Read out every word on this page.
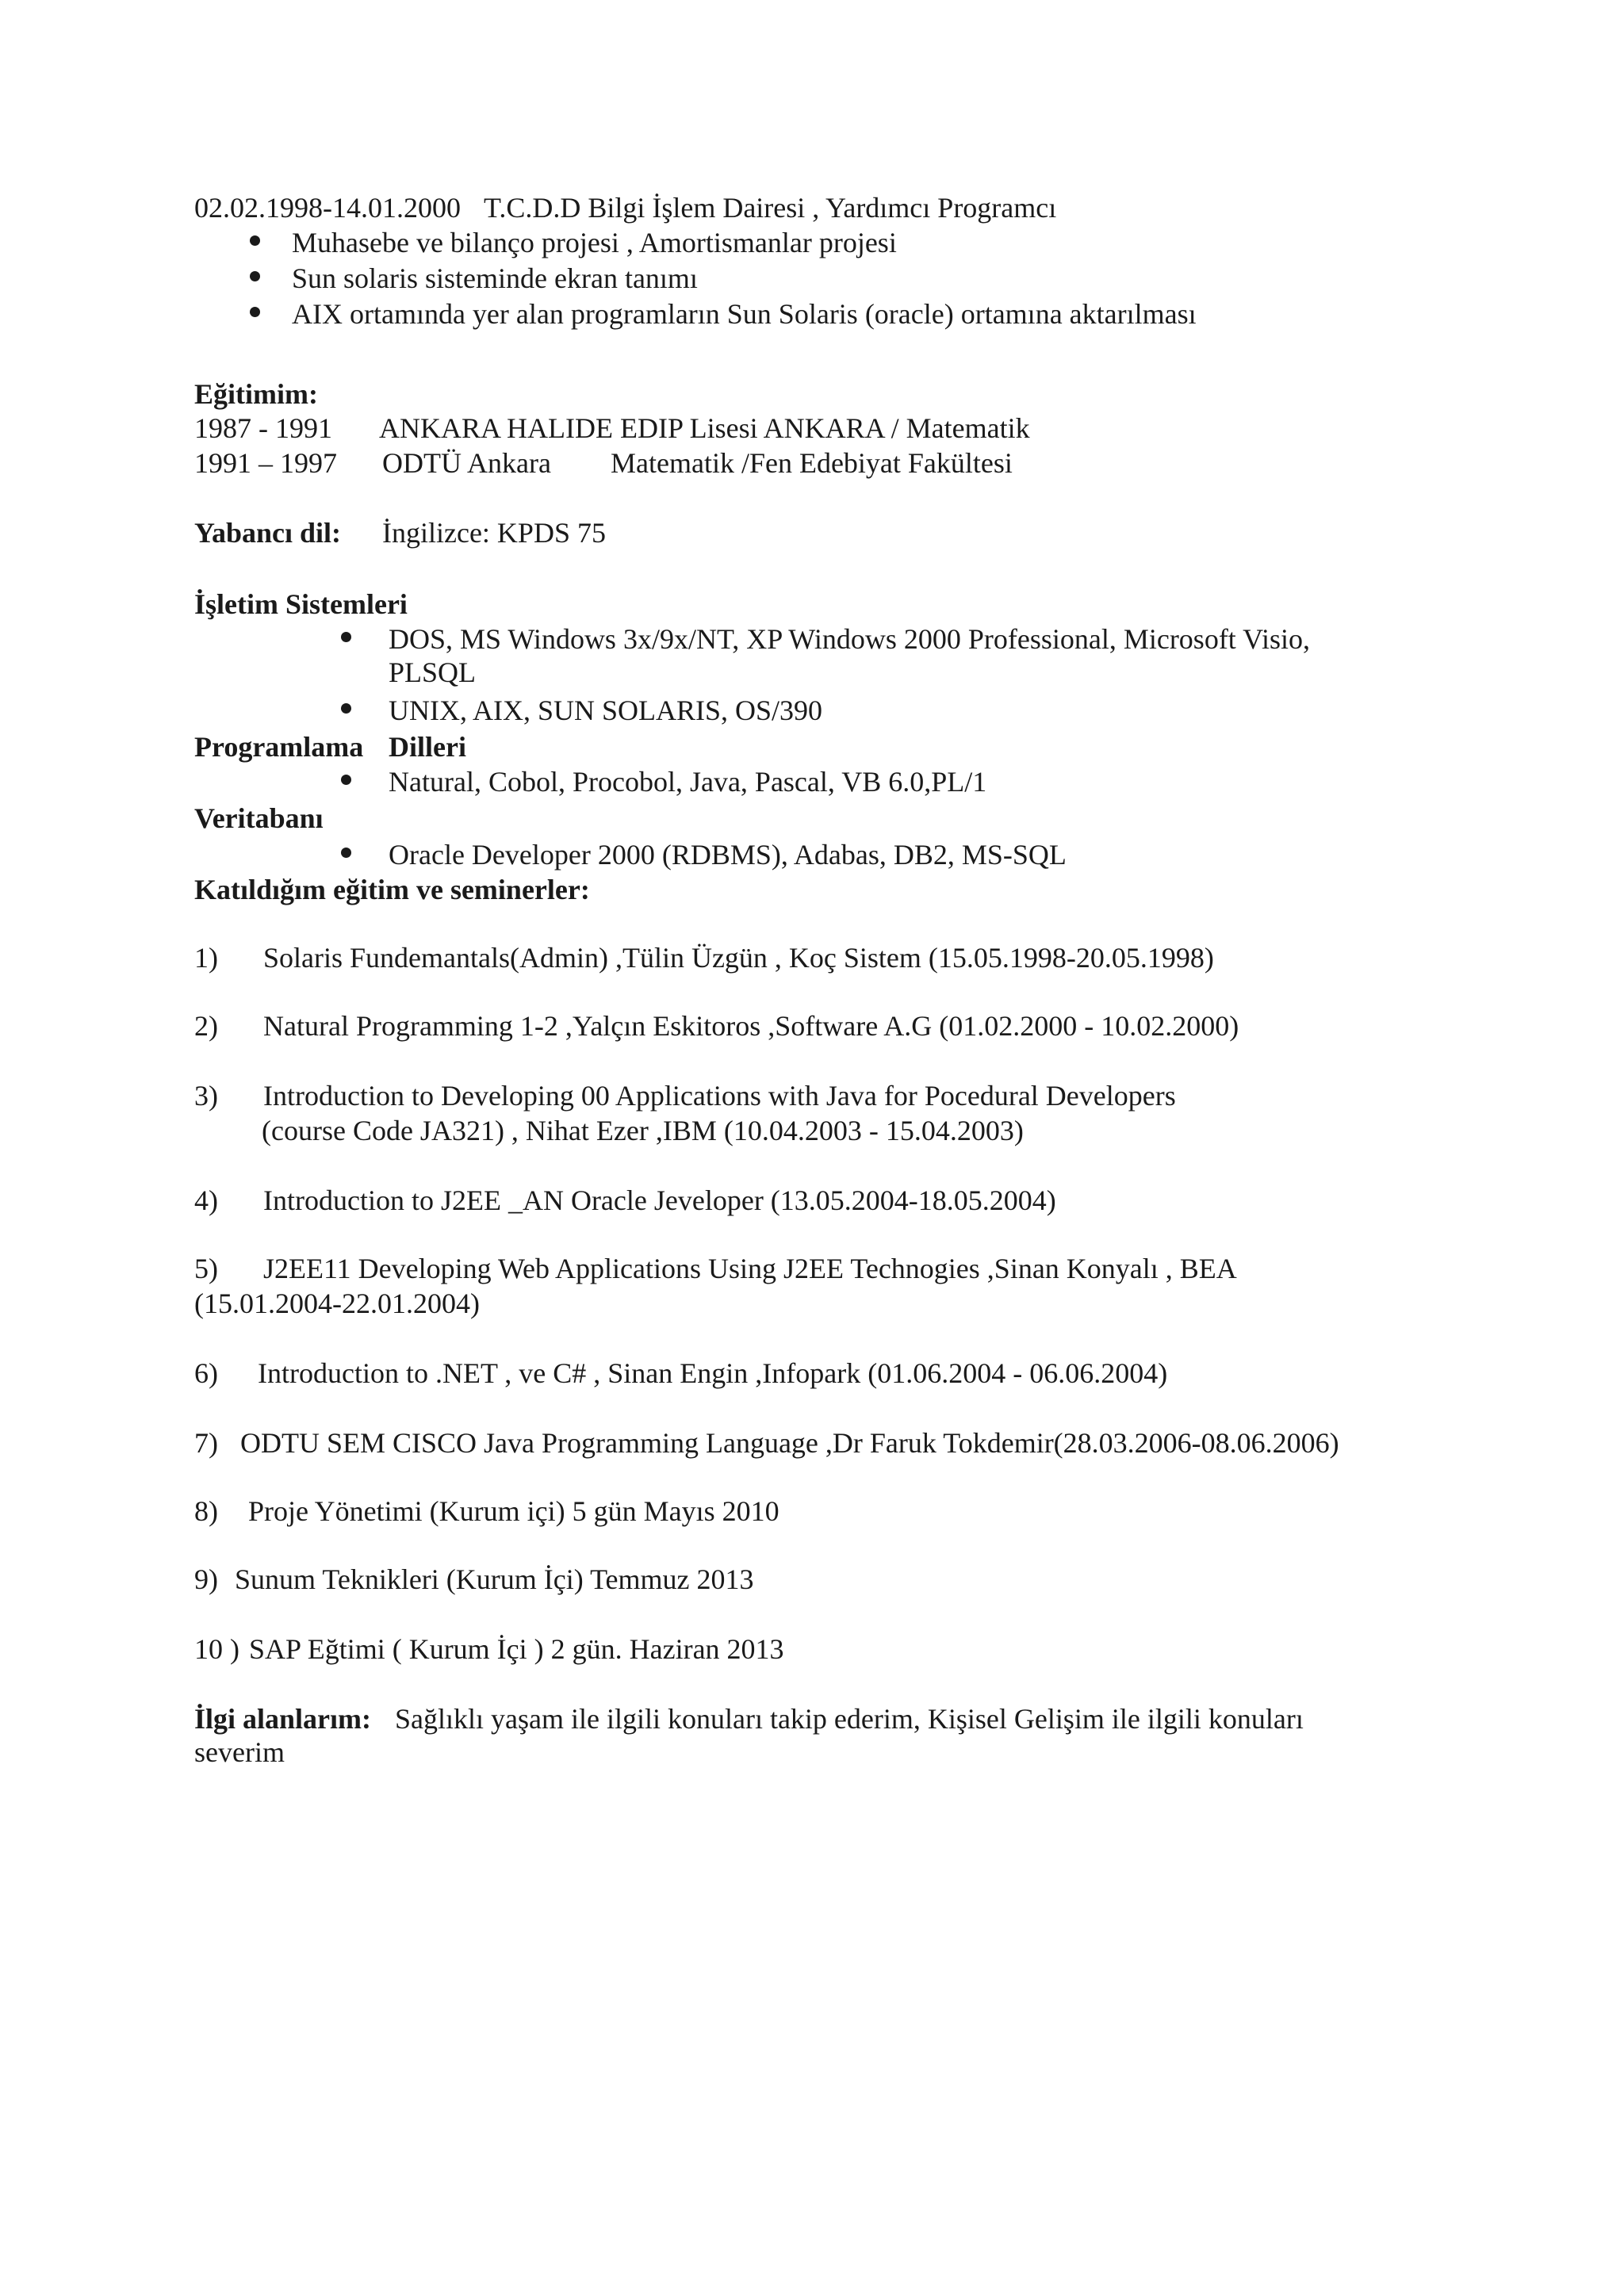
02.02.1998-14.01.2000 T.C.D.D Bilgi İşlem Dairesi , Yardımcı Programcı
Muhasebe ve bilanço projesi , Amortismanlar projesi
Sun solaris sisteminde ekran tanımı
AIX ortamında yer alan programların Sun Solaris (oracle) ortamına aktarılması
Eğitimim:
1987 - 1991 ANKARA HALIDE EDIP Lisesi ANKARA / Matematik
1991 – 1997 ODTÜ Ankara Matematik /Fen Edebiyat Fakültesi
Yabancı dil: İngilizce: KPDS 75
İşletim Sistemleri
DOS, MS Windows 3x/9x/NT, XP Windows 2000 Professional, Microsoft Visio,
PLSQL
UNIX, AIX, SUN SOLARIS, OS/390
Programlama Dilleri
Natural, Cobol, Procobol, Java, Pascal, VB 6.0,PL/1
Veritabanı
Oracle Developer 2000 (RDBMS), Adabas, DB2, MS-SQL
Katıldığım eğitim ve seminerler:
1) Solaris Fundemantals(Admin) ,Tülin Üzgün , Koç Sistem (15.05.1998-20.05.1998)
2) Natural Programming 1-2 ,Yalçın Eskitoros ,Software A.G (01.02.2000 - 10.02.2000)
3) Introduction to Developing 00 Applications with Java for Pocedural Developers
(course Code JA321) , Nihat Ezer ,IBM (10.04.2003 - 15.04.2003)
4) Introduction to J2EE _AN Oracle Jeveloper (13.05.2004-18.05.2004)
5) J2EE11 Developing Web Applications Using J2EE Technogies ,Sinan Konyalı , BEA
(15.01.2004-22.01.2004)
6) Introduction to .NET , ve C# , Sinan Engin ,Infopark (01.06.2004 - 06.06.2004)
7) ODTU SEM CISCO Java Programming Language ,Dr Faruk Tokdemir(28.03.2006-08.06.2006)
8) Proje Yönetimi (Kurum içi) 5 gün Mayıs 2010
9) Sunum Teknikleri (Kurum İçi) Temmuz 2013
10 ) SAP Eğtimi ( Kurum İçi ) 2 gün. Haziran 2013
İlgi alanlarım: Sağlıklı yaşam ile ilgili konuları takip ederim, Kişisel Gelişim ile ilgili konuları
severim
